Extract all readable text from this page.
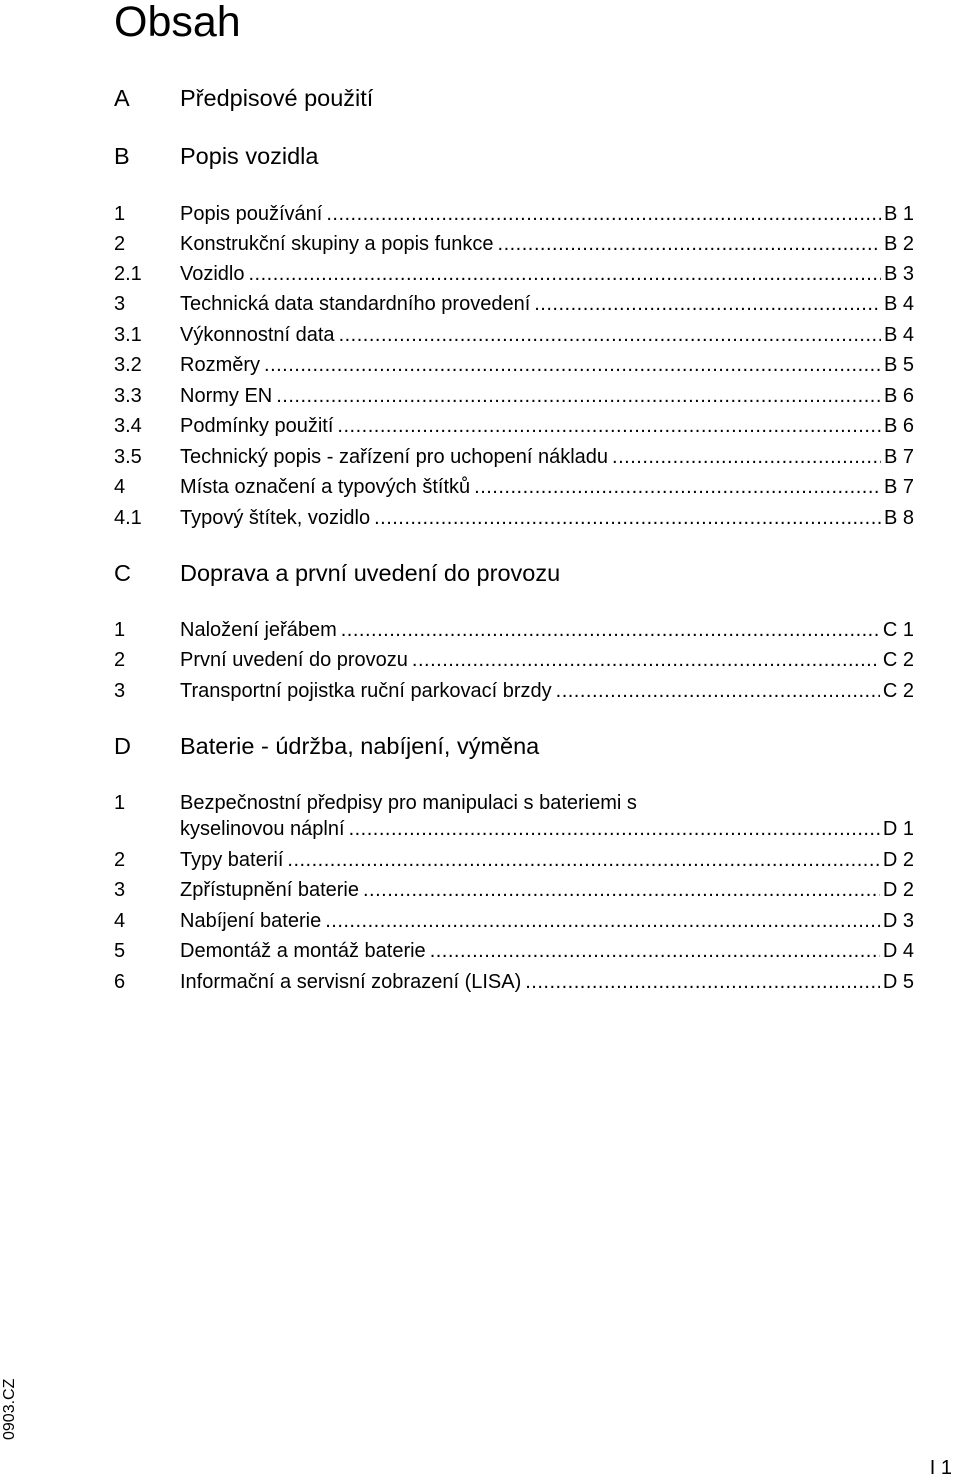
Obsah
A	Předpisové použití
B	Popis vozidla
1	Popis používání .....	B 1
2	Konstrukční skupiny a popis funkce .....	B 2
2.1	Vozidlo .....	B 3
3	Technická data standardního provedení .....	B 4
3.1	Výkonnostní data .....	B 4
3.2	Rozměry .....	B 5
3.3	Normy EN .....	B 6
3.4	Podmínky použití .....	B 6
3.5	Technický popis - zařízení pro uchopení nákladu .....	B 7
4	Místa označení a typových štítků .....	B 7
4.1	Typový štítek, vozidlo .....	B 8
C	Doprava a první uvedení do provozu
1	Naložení jeřábem .....	C 1
2	První uvedení do provozu .....	C 2
3	Transportní pojistka ruční parkovací brzdy .....	C 2
D	Baterie - údržba, nabíjení, výměna
1	Bezpečnostní předpisy pro manipulaci s bateriemi s
kyselinovou náplní .....	D 1
2	Typy baterií .....	D 2
3	Zpřístupnění baterie .....	D 2
4	Nabíjení baterie .....	D 3
5	Demontáž a montáž baterie .....	D 4
6	Informační a servisní zobrazení (LISA) .....	D 5
0903.CZ
I 1
